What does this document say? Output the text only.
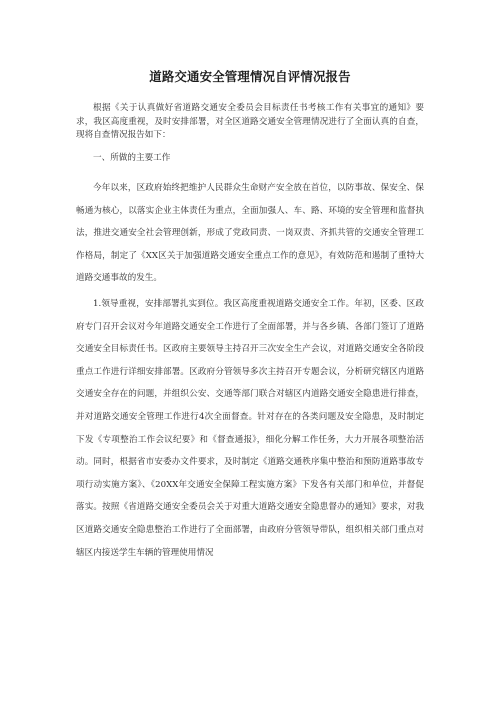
道路交通安全管理情况自评情况报告

根据《关于认真做好省道路交通安全委员会目标责任书考核工作有关事宜的通知》要求，我区高度重视，及时安排部署，对全区道路交通安全管理情况进行了全面认真的自查，现将自查情况报告如下：

一、所做的主要工作

今年以来，区政府始终把维护人民群众生命财产安全放在首位，以防事故、保安全、保畅通为核心，以落实企业主体责任为重点，全面加强人、车、路、环境的安全管理和监督执法，推进交通安全社会管理创新，形成了党政同责、一岗双责、齐抓共管的交通安全管理工作格局，制定了《XX区关于加强道路交通安全重点工作的意见》，有效防范和遏制了重特大道路交通事故的发生。

1.领导重视，安排部署扎实到位。我区高度重视道路交通安全工作。年初，区委、区政府专门召开会议对今年道路交通安全工作进行了全面部署，并与各乡镇、各部门签订了道路交通安全目标责任书。区政府主要领导主持召开三次安全生产会议，对道路交通安全各阶段重点工作进行详细安排部署。区政府分管领导多次主持召开专题会议，分析研究辖区内道路交通安全存在的问题，并组织公安、交通等部门联合对辖区内道路交通安全隐患进行排查，并对道路交通安全管理工作进行4次全面督查。针对存在的各类问题及安全隐患，及时制定下发《专项整治工作会议纪要》和《督查通报》，细化分解工作任务，大力开展各项整治活动。同时，根据省市安委办文件要求，及时制定《道路交通秩序集中整治和预防道路事故专项行动实施方案》、《20XX年交通安全保障工程实施方案》下发各有关部门和单位，并督促落实。按照《省道路交通安全委员会关于对重大道路交通安全隐患督办的通知》要求，对我区道路交通安全隐患整治工作进行了全面部署，由政府分管领导带队，组织相关部门重点对辖区内接送学生车辆的管理使用情况
